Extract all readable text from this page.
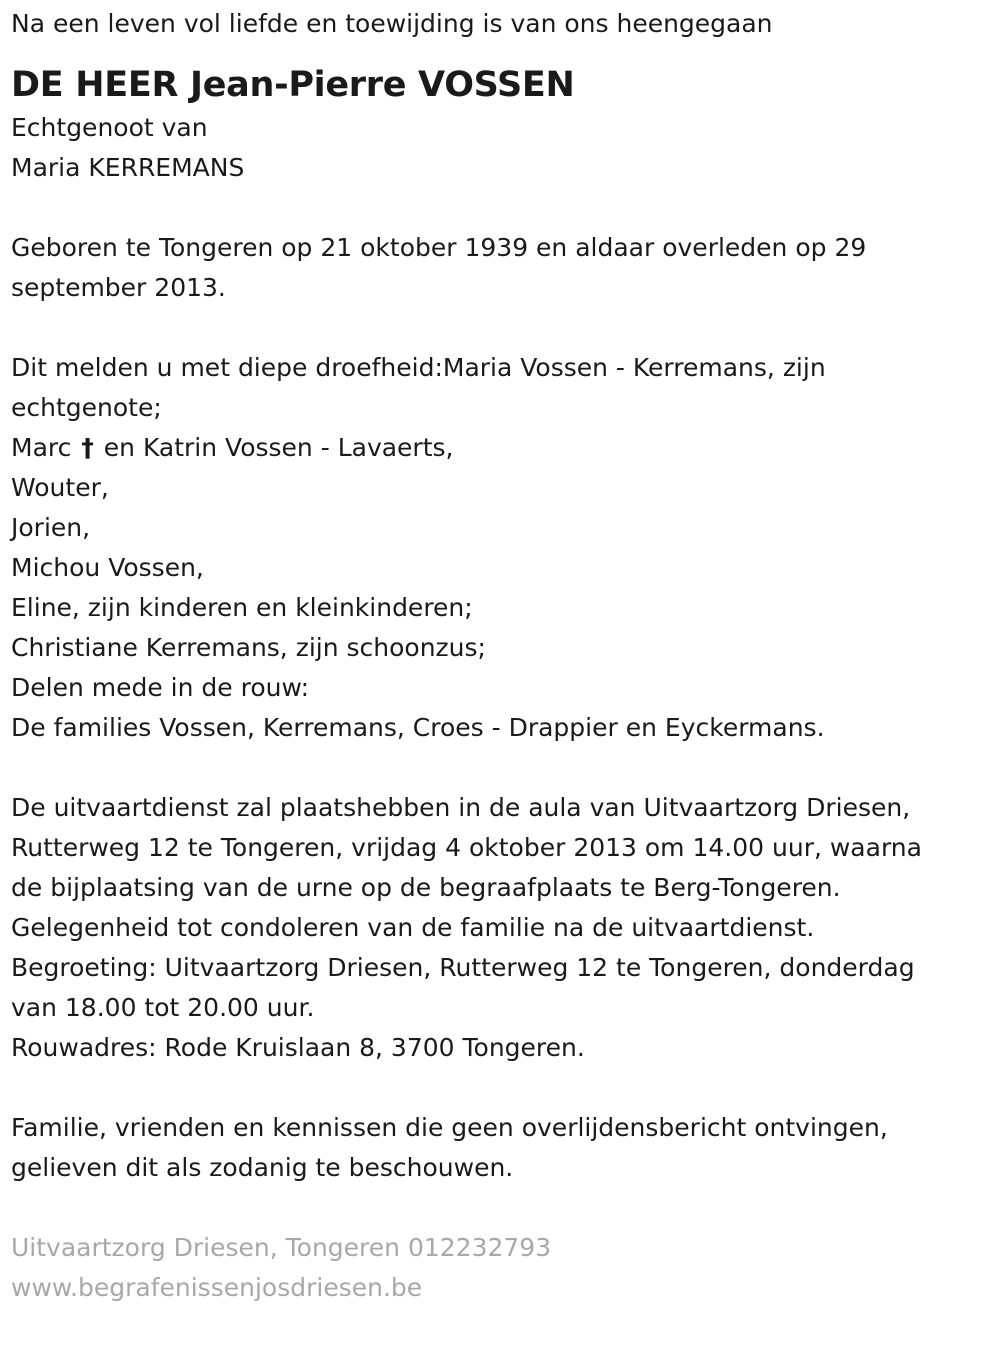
Na een leven vol liefde en toewijding is van ons heengegaan

DE HEER Jean-Pierre VOSSEN

Echtgenoot van

Maria KERREMANS

Geboren te Tongeren op 21 oktober 1939 en aldaar overleden op 29

september 2013.

Dit melden u met diepe droefheid:Maria Vossen - Kerremans, zijn

echtgenote;

Marc † en Katrin Vossen - Lavaerts,

Wouter,

Jorien,

Michou Vossen,

Eline, zijn kinderen en kleinkinderen;

Christiane Kerremans, zijn schoonzus;

Delen mede in de rouw:

De families Vossen, Kerremans, Croes - Drappier en Eyckermans.

De uitvaartdienst zal plaatshebben in de aula van Uitvaartzorg Driesen,

Rutterweg 12 te Tongeren, vrijdag 4 oktober 2013 om 14.00 uur, waarna

de bijplaatsing van de urne op de begraafplaats te Berg-Tongeren.

Gelegenheid tot condoleren van de familie na de uitvaartdienst.

Begroeting: Uitvaartzorg Driesen, Rutterweg 12 te Tongeren, donderdag

van 18.00 tot 20.00 uur.

Rouwadres: Rode Kruislaan 8, 3700 Tongeren.

Familie, vrienden en kennissen die geen overlijdensbericht ontvingen,

gelieven dit als zodanig te beschouwen.

Uitvaartzorg Driesen, Tongeren 012232793

www.begrafenissenjosdriesen.be
